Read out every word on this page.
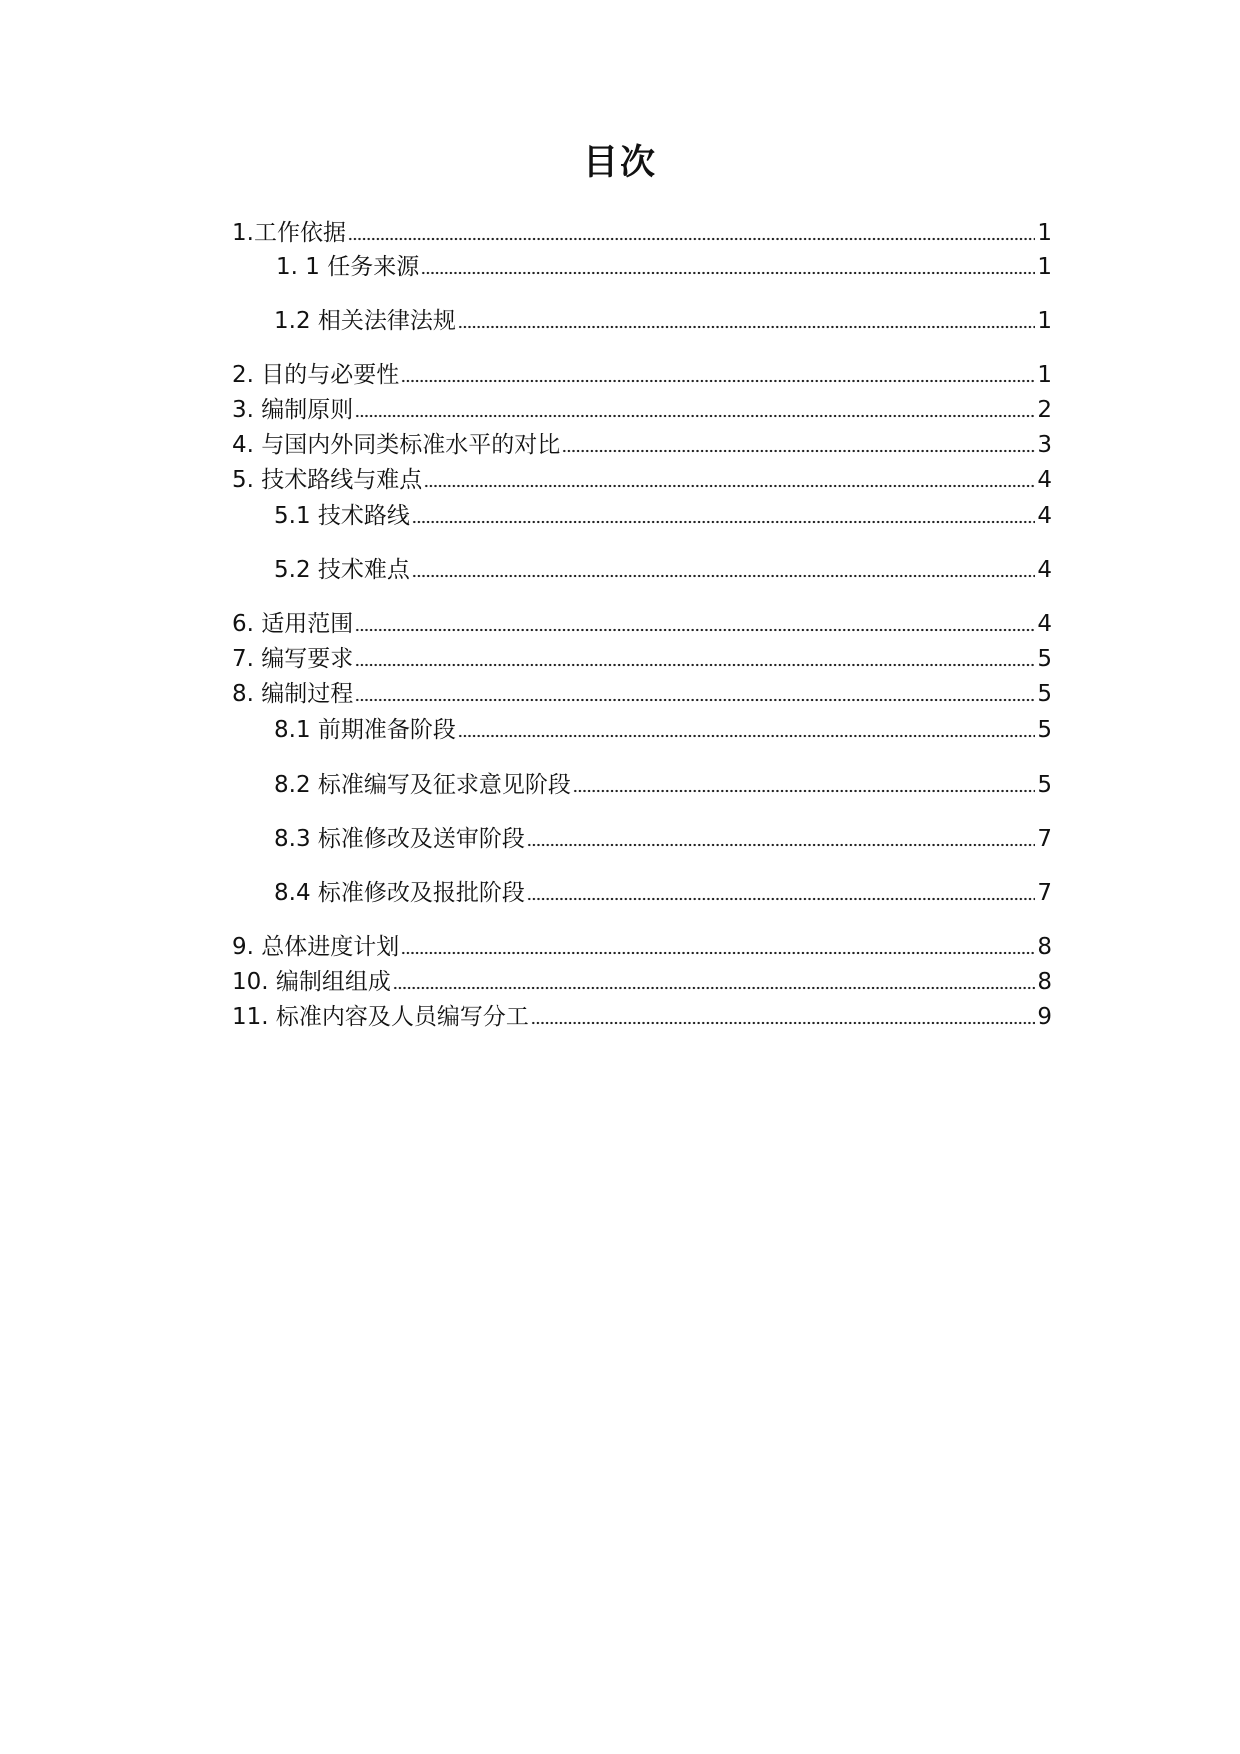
目次
1.工作依据	1
1. 1 任务来源	1
1.2 相关法律法规	1
2. 目的与必要性	1
3. 编制原则	2
4. 与国内外同类标准水平的对比	3
5. 技术路线与难点	4
5.1 技术路线	4
5.2 技术难点	4
6. 适用范围	4
7. 编写要求	5
8. 编制过程	5
8.1 前期准备阶段	5
8.2 标准编写及征求意见阶段	5
8.3 标准修改及送审阶段	7
8.4 标准修改及报批阶段	7
9. 总体进度计划	8
10. 编制组组成	8
11. 标准内容及人员编写分工	9
